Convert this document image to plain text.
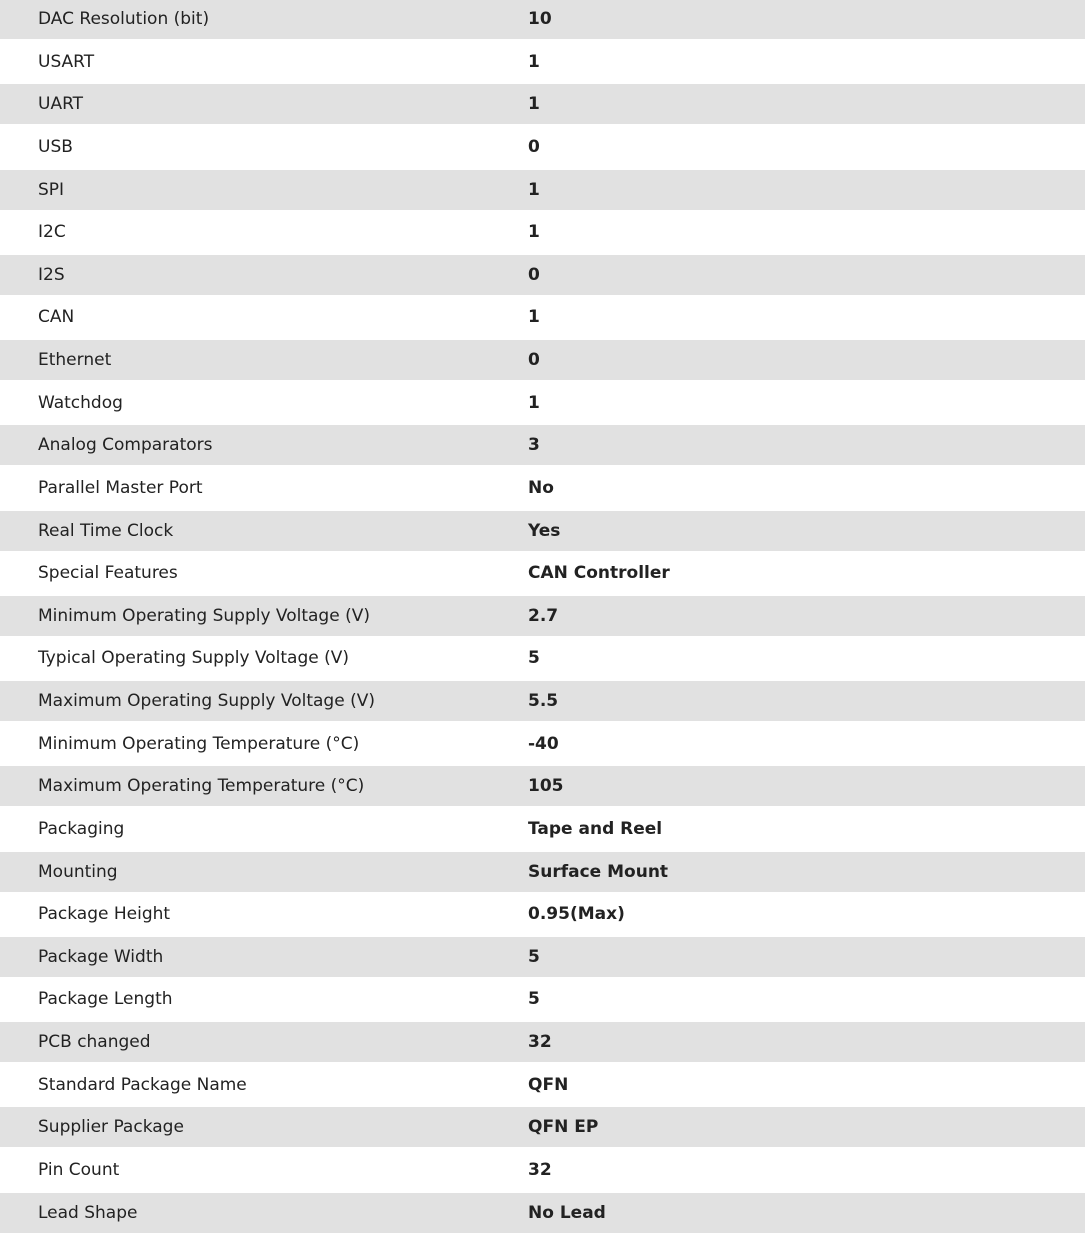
DAC Resolution (bit)	10
USART	1
UART	1
USB	0
SPI	1
I2C	1
I2S	0
CAN	1
Ethernet	0
Watchdog	1
Analog Comparators	3
Parallel Master Port	No
Real Time Clock	Yes
Special Features	CAN Controller
Minimum Operating Supply Voltage (V)	2.7
Typical Operating Supply Voltage (V)	5
Maximum Operating Supply Voltage (V)	5.5
Minimum Operating Temperature (°C)	-40
Maximum Operating Temperature (°C)	105
Packaging	Tape and Reel
Mounting	Surface Mount
Package Height	0.95(Max)
Package Width	5
Package Length	5
PCB changed	32
Standard Package Name	QFN
Supplier Package	QFN EP
Pin Count	32
Lead Shape	No Lead
